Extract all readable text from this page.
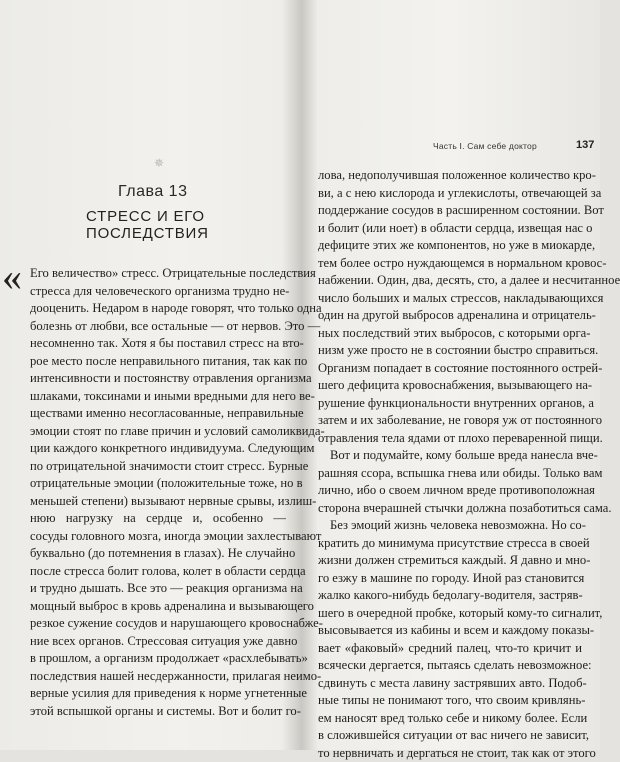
✵
Глава 13
СТРЕСС И ЕГО ПОСЛЕДСТВИЯ
« Его величество» стресс. Отрицательные последствия
стресса для человеческого организма трудно не-
дооценить. Недаром в народе говорят, что только одна
болезнь от любви, все остальные — от нервов. Это —
несомненно так. Хотя я бы поставил стресс на вто-
рое место после неправильного питания, так как по
интенсивности и постоянству отравления организма
шлаками, токсинами и иными вредными для него ве-
ществами именно несогласованные, неправильные
эмоции стоят по главе причин и условий самоликвида-
ции каждого конкретного индивидуума. Следующим
по отрицательной значимости стоит стресс. Бурные
отрицательные эмоции (положительные тоже, но в
меньшей степени) вызывают нервные срывы, излиш-
нюю нагрузку на сердце и, особенно —
сосуды головного мозга, иногда эмоции захлестывают
буквально (до потемнения в глазах). Не случайно
после стресса болит голова, колет в области сердца
и трудно дышать. Все это — реакция организма на
мощный выброс в кровь адреналина и вызывающего
резкое сужение сосудов и нарушающего кровоснабже-
ние всех органов. Стрессовая ситуация уже давно
в прошлом, а организм продолжает «расхлебывать»
последствия нашей несдержанности, прилагая неимо-
верные усилия для приведения к норме угнетенные
этой вспышкой органы и системы. Вот и болит го-
Часть I. Сам себе доктор	137
лова, недополучившая положенное количество кро-
ви, а с нею кислорода и углекислоты, отвечающей за
поддержание сосудов в расширенном состоянии. Вот
и болит (или ноет) в области сердца, извещая нас о
дефиците этих же компонентов, но уже в миокарде,
тем более остро нуждающемся в нормальном кровос-
набжении. Один, два, десять, сто, а далее и несчитанное
число больших и малых стрессов, накладывающихся
один на другой выбросов адреналина и отрицатель-
ных последствий этих выбросов, с которыми орга-
низм уже просто не в состоянии быстро справиться.
Организм попадает в состояние постоянного острей-
шего дефицита кровоснабжения, вызывающего на-
рушение функциональности внутренних органов, а
затем и их заболевание, не говоря уж от постоянного
отравления тела ядами от плохо переваренной пищи.
Вот и подумайте, кому больше вреда нанесла вче-
рашняя ссора, вспышка гнева или обиды. Только вам
лично, ибо о своем личном вреде противоположная
сторона вчерашней стычки должна позаботиться сама.
Без эмоций жизнь человека невозможна. Но со-
кратить до минимума присутствие стресса в своей
жизни должен стремиться каждый. Я давно и мно-
го езжу в машине по городу. Иной раз становится
жалко какого-нибудь бедолагу-водителя, застряв-
шего в очередной пробке, который кому-то сигналит,
высовывается из кабины и всем и каждому показы-
вает «факовый» средний палец, что-то кричит и
всячески дергается, пытаясь сделать невозможное:
сдвинуть с места лавину застрявших авто. Подоб-
ные типы не понимают того, что своим кривлянь-
ем наносят вред только себе и никому более. Если
в сложившейся ситуации от вас ничего не зависит,
то нервничать и дергаться не стоит, так как от этого
